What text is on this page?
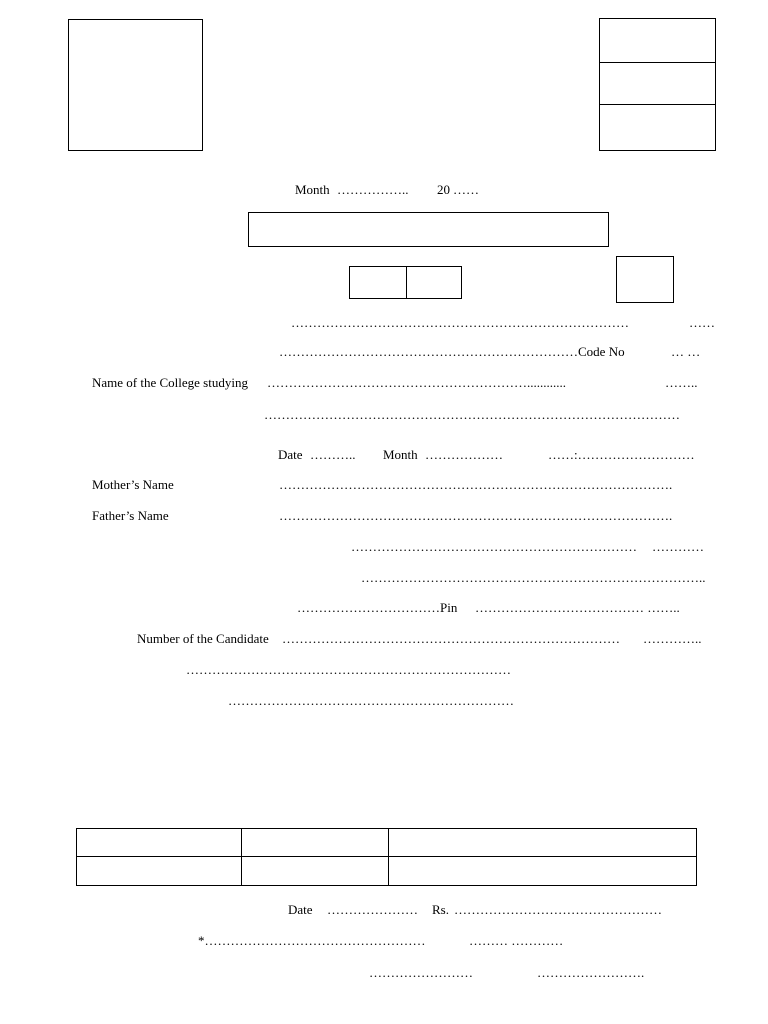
Month …………….. 20 ……
……………………………………………………………………	……
……………………………………………………………Code No	… …
Name of the College studying ……………………………………………………............	……..
……………………………………………………………………………………
Date ……….. Month ………………	……:………………………
Mother’s Name	……………………………………………………………………………….
Father’s Name	……………………………………………………………………………….
………………………………………………………… …………
……………………………………………………………………..
……………………………Pin ………………………………… ……..
Number of the Candidate …………………………………………………………………… …………..
…………………………………………………………………
…………………………………………………………
Date ………………… Rs. …………………………………………
*……………………………………………	……… …………
……………………	…………………….
